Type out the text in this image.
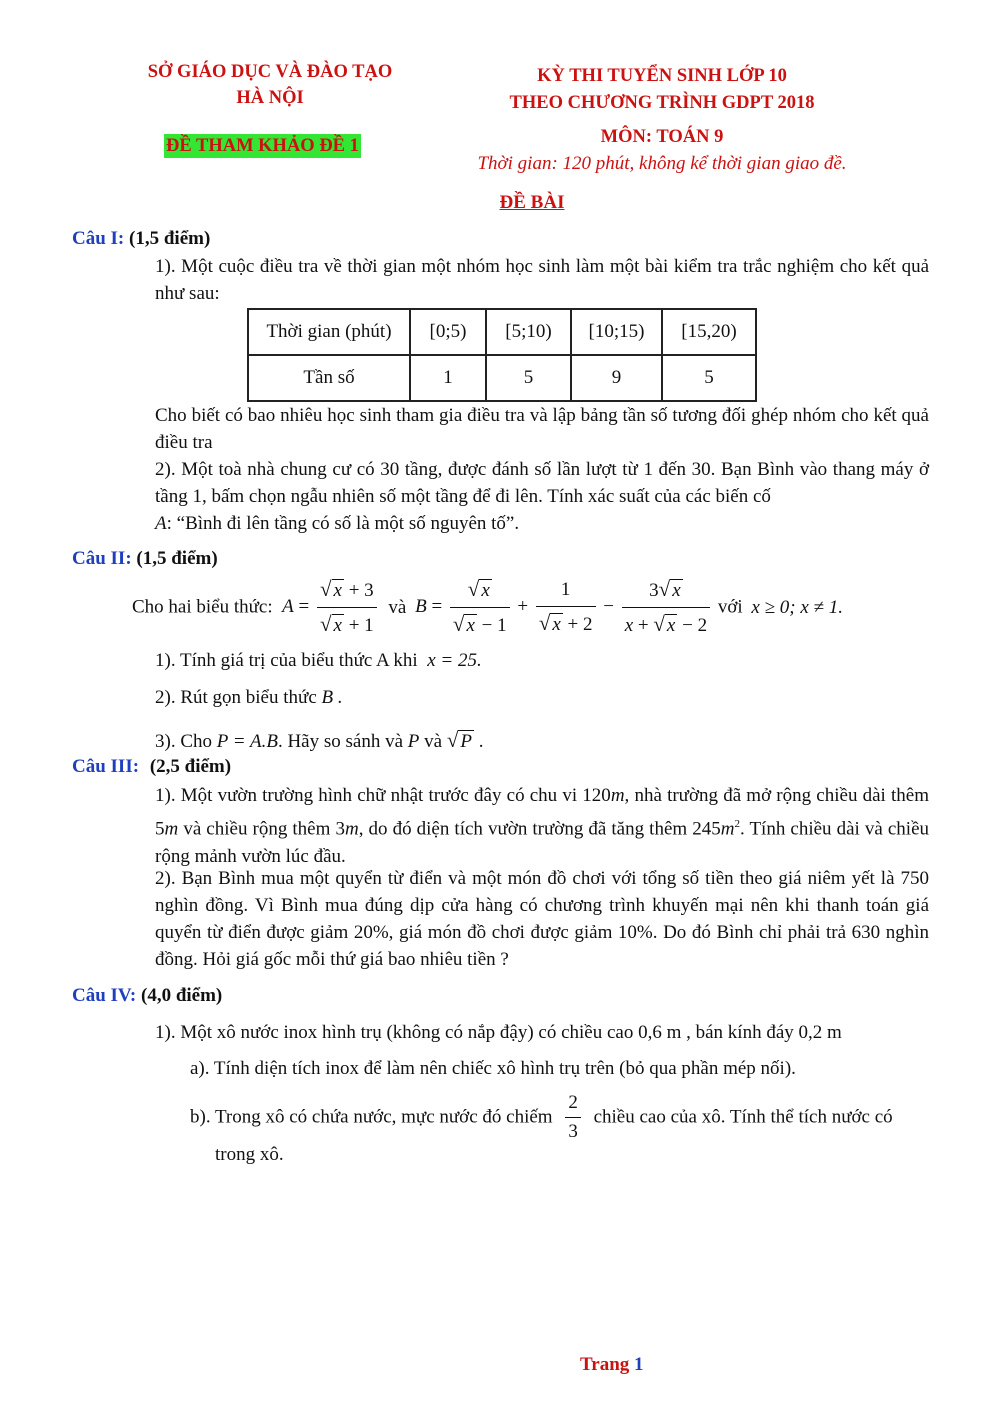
SỞ GIÁO DỤC VÀ ĐÀO TẠO
HÀ NỘI
ĐỀ THAM KHẢO ĐỀ 1
KỲ THI TUYỂN SINH LỚP 10
THEO CHƯƠNG TRÌNH GDPT 2018
MÔN: TOÁN 9
Thời gian: 120 phút, không kể thời gian giao đề.
ĐỀ BÀI
Câu I: (1,5 điểm)
1). Một cuộc điều tra về thời gian một nhóm học sinh làm một bài kiểm tra trắc nghiệm cho kết quả như sau:
Thời gian (phút)	[0;5)	[5;10)	[10;15)	[15,20)
Tần số	1	5	9	5
Cho biết có bao nhiêu học sinh tham gia điều tra và lập bảng tần số tương đối ghép nhóm cho kết quả điều tra
2). Một toà nhà chung cư có 30 tầng, được đánh số lần lượt từ 1 đến 30. Bạn Bình vào thang máy ở tầng 1, bấm chọn ngẫu nhiên số một tầng để đi lên. Tính xác suất của các biến cố
A: “Bình đi lên tầng có số là một số nguyên tố”.
Câu II: (1,5 điểm)
Cho hai biểu thức:  $A = \frac{√ x + 3}{√ x + 1}$ và $B = \frac{√ x}{√ x - 1} + \frac{1}{√ x + 2} - \frac{3√ x}{x + √ x - 2}$ với x ≥ 0; x ≠ 1.
1). Tính giá trị của biểu thức A khi x = 25.
2). Rút gọn biểu thức B .
3). Cho P = A.B. Hãy so sánh và P và √ P .
Câu III: (2,5 điểm)
1). Một vườn trường hình chữ nhật trước đây có chu vi 120m, nhà trường đã mở rộng chiều dài thêm 5m và chiều rộng thêm 3m, do đó diện tích vườn trường đã tăng thêm $245m^2$. Tính chiều dài và chiều rộng mảnh vườn lúc đầu.
2). Bạn Bình mua một quyển từ điển và một món đồ chơi với tổng số tiền theo giá niêm yết là 750 nghìn đồng. Vì Bình mua đúng dịp cửa hàng có chương trình khuyến mại nên khi thanh toán giá quyển từ điển được giảm 20%, giá món đồ chơi được giảm 10%. Do đó Bình chỉ phải trả 630 nghìn đồng. Hỏi giá gốc mỗi thứ giá bao nhiêu tiền ?
Câu IV: (4,0 điểm)
1). Một xô nước inox hình trụ (không có nắp đậy) có chiều cao 0,6 m , bán kính đáy 0,2 m
a). Tính diện tích inox để làm nên chiếc xô hình trụ trên (bỏ qua phần mép nối).
b). Trong xô có chứa nước, mực nước đó chiếm $\frac{2}{3}$ chiều cao của xô. Tính thể tích nước có
trong xô.
Trang 1
